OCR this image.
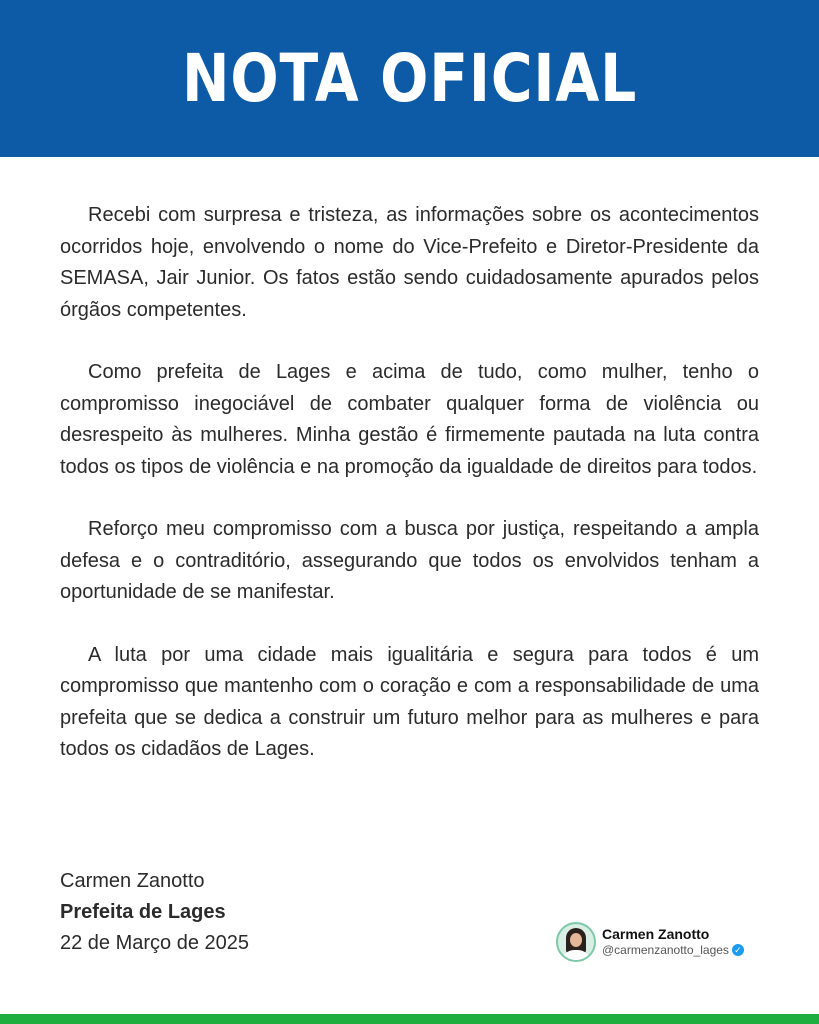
NOTA OFICIAL

Recebi com surpresa e tristeza, as informações sobre os acontecimentos ocorridos hoje, envolvendo o nome do Vice-Prefeito e Diretor-Presidente da SEMASA, Jair Junior. Os fatos estão sendo cuidadosamente apurados pelos órgãos competentes.

Como prefeita de Lages e acima de tudo, como mulher, tenho o compromisso inegociável de combater qualquer forma de violência ou desrespeito às mulheres. Minha gestão é firmemente pautada na luta contra todos os tipos de violência e na promoção da igualdade de direitos para todos.

Reforço meu compromisso com a busca por justiça, respeitando a ampla defesa e o contraditório, assegurando que todos os envolvidos tenham a oportunidade de se manifestar.

A luta por uma cidade mais igualitária e segura para todos é um compromisso que mantenho com o coração e com a responsabilidade de uma prefeita que se dedica a construir um futuro melhor para as mulheres e para todos os cidadãos de Lages.

Carmen Zanotto
Prefeita de Lages
22 de Março de 2025	Carmen Zanotto
@carmenzanotto_lages ✓
